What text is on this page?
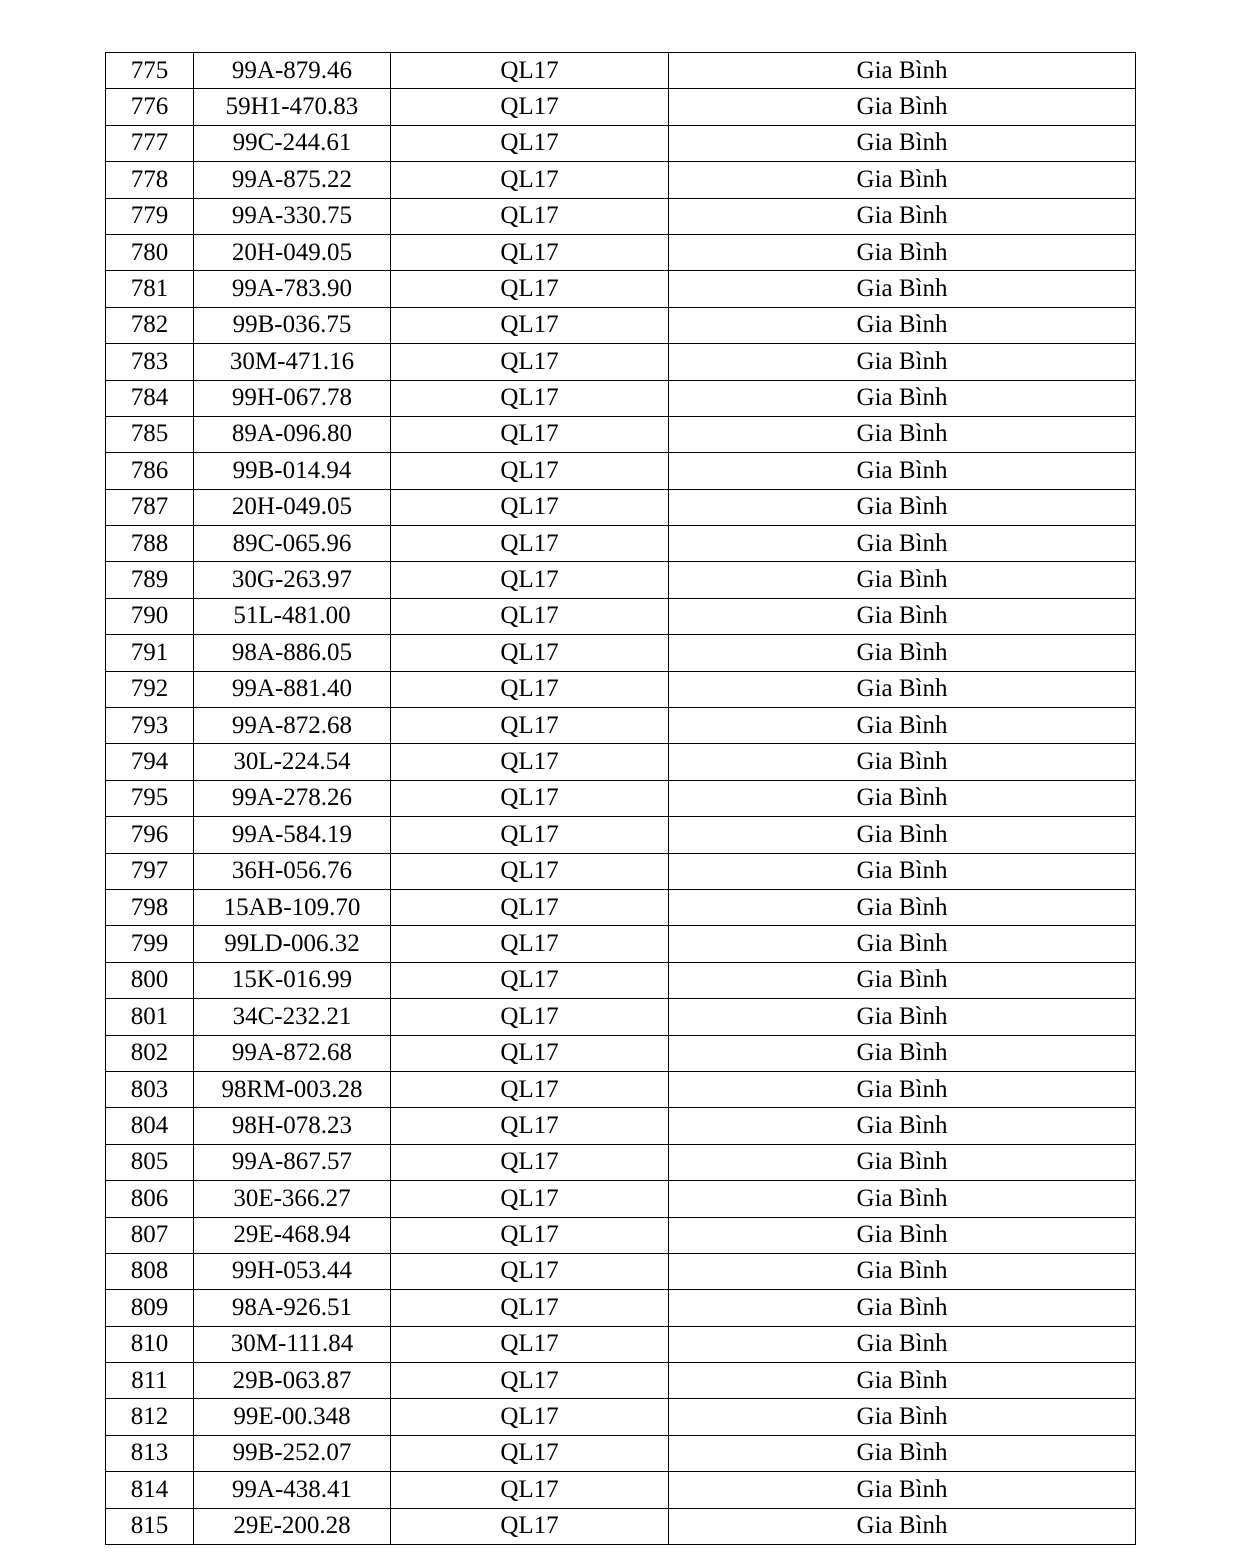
775	99A-879.46	QL17	Gia Bình
776	59H1-470.83	QL17	Gia Bình
777	99C-244.61	QL17	Gia Bình
778	99A-875.22	QL17	Gia Bình
779	99A-330.75	QL17	Gia Bình
780	20H-049.05	QL17	Gia Bình
781	99A-783.90	QL17	Gia Bình
782	99B-036.75	QL17	Gia Bình
783	30M-471.16	QL17	Gia Bình
784	99H-067.78	QL17	Gia Bình
785	89A-096.80	QL17	Gia Bình
786	99B-014.94	QL17	Gia Bình
787	20H-049.05	QL17	Gia Bình
788	89C-065.96	QL17	Gia Bình
789	30G-263.97	QL17	Gia Bình
790	51L-481.00	QL17	Gia Bình
791	98A-886.05	QL17	Gia Bình
792	99A-881.40	QL17	Gia Bình
793	99A-872.68	QL17	Gia Bình
794	30L-224.54	QL17	Gia Bình
795	99A-278.26	QL17	Gia Bình
796	99A-584.19	QL17	Gia Bình
797	36H-056.76	QL17	Gia Bình
798	15AB-109.70	QL17	Gia Bình
799	99LD-006.32	QL17	Gia Bình
800	15K-016.99	QL17	Gia Bình
801	34C-232.21	QL17	Gia Bình
802	99A-872.68	QL17	Gia Bình
803	98RM-003.28	QL17	Gia Bình
804	98H-078.23	QL17	Gia Bình
805	99A-867.57	QL17	Gia Bình
806	30E-366.27	QL17	Gia Bình
807	29E-468.94	QL17	Gia Bình
808	99H-053.44	QL17	Gia Bình
809	98A-926.51	QL17	Gia Bình
810	30M-111.84	QL17	Gia Bình
811	29B-063.87	QL17	Gia Bình
812	99E-00.348	QL17	Gia Bình
813	99B-252.07	QL17	Gia Bình
814	99A-438.41	QL17	Gia Bình
815	29E-200.28	QL17	Gia Bình
